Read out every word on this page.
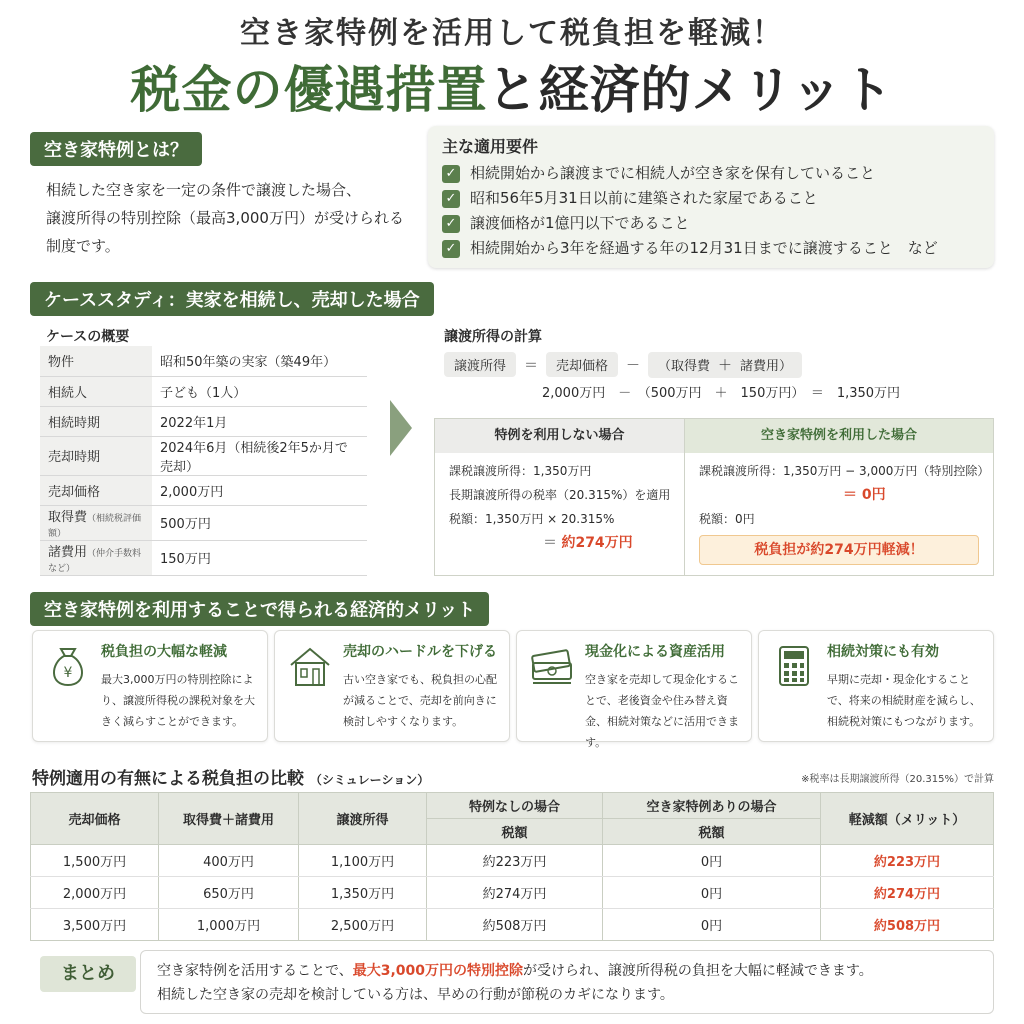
空き家特例を活用して税負担を軽減！
税金の優遇措置と経済的メリット
空き家特例とは？
相続した空き家を一定の条件で譲渡した場合、
譲渡所得の特別控除（最高3,000万円）が受けられる
制度です。
主な適用要件
✓ 相続開始から譲渡までに相続人が空き家を保有していること
✓ 昭和56年5月31日以前に建築された家屋であること
✓ 譲渡価格が1億円以下であること
✓ 相続開始から3年を経過する年の12月31日までに譲渡すること　など
ケーススタディ：実家を相続し、売却した場合
ケースの概要
物件	昭和50年築の実家（築49年）
相続人	子ども（1人）
相続時期	2022年1月
売却時期	2024年6月（相続後2年5か月で売却）
売却価格	2,000万円
取得費（相続税評価額）	500万円
諸費用（仲介手数料など）	150万円
譲渡所得の計算
譲渡所得 ＝ 売却価格 － （取得費 ＋ 諸費用）
2,000万円　－　（500万円　＋　150万円）　＝　1,350万円
特例を利用しない場合
課税譲渡所得：1,350万円
長期譲渡所得の税率（20.315%）を適用
税額：1,350万円 × 20.315%
＝ 約274万円
空き家特例を利用した場合
課税譲渡所得：1,350万円 − 3,000万円（特別控除）
＝ 0円
税額：0円
税負担が約274万円軽減！
空き家特例を利用することで得られる経済的メリット
¥
税負担の大幅な軽減
最大3,000万円の特別控除により、譲渡所得税の課税対象を大きく減らすことができます。
売却のハードルを下げる
古い空き家でも、税負担の心配が減ることで、売却を前向きに検討しやすくなります。
現金化による資産活用
空き家を売却して現金化することで、老後資金や住み替え資金、相続対策などに活用できます。
相続対策にも有効
早期に売却・現金化することで、将来の相続財産を減らし、相続税対策にもつながります。
特例適用の有無による税負担の比較 （シミュレーション）	※税率は長期譲渡所得（20.315%）で計算
売却価格	取得費＋諸費用	譲渡所得	特例なしの場合	空き家特例ありの場合	軽減額（メリット）
			税額	税額	
1,500万円	400万円	1,100万円	約223万円	0円	約223万円
2,000万円	650万円	1,350万円	約274万円	0円	約274万円
3,500万円	1,000万円	2,500万円	約508万円	0円	約508万円
まとめ	空き家特例を活用することで、最大3,000万円の特別控除が受けられ、譲渡所得税の負担を大幅に軽減できます。
相続した空き家の売却を検討している方は、早めの行動が節税のカギになります。
